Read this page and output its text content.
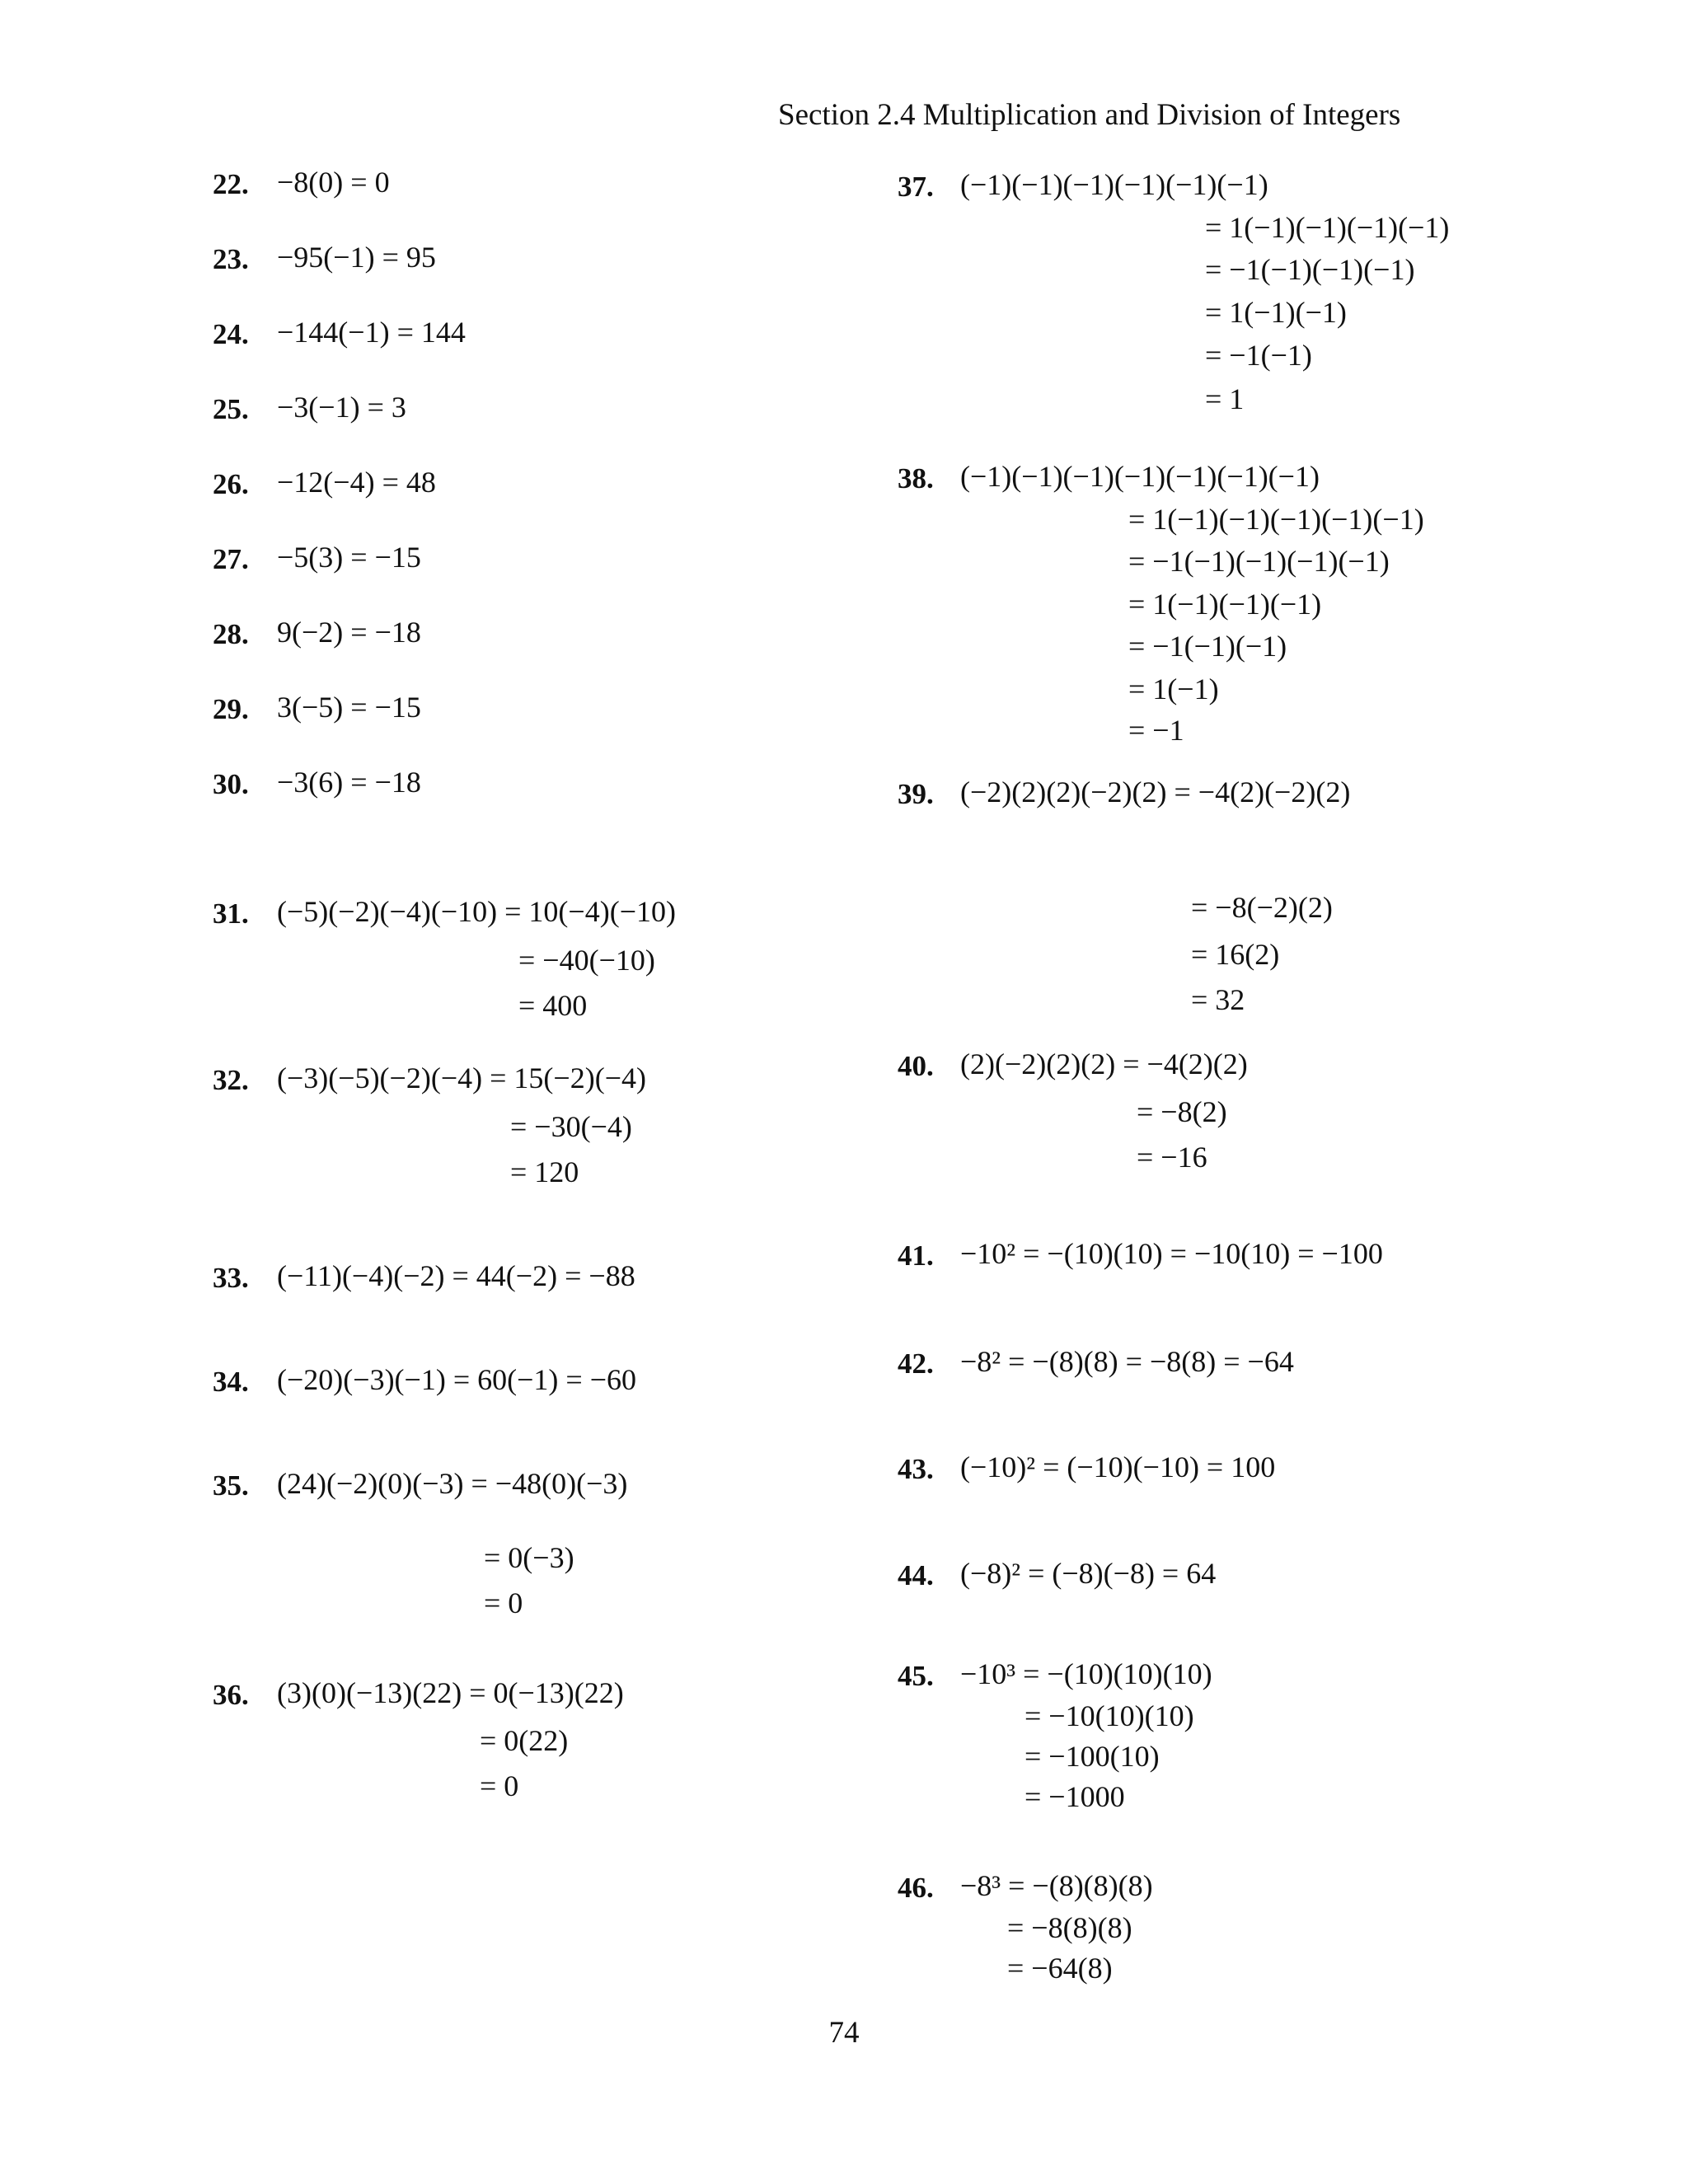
Section 2.4 Multiplication and Division of Integers
22. −8(0) = 0
23. −95(−1) = 95
24. −144(−1) = 144
25. −3(−1) = 3
26. −12(−4) = 48
27. −5(3) = −15
28. 9(−2) = −18
29. 3(−5) = −15
30. −3(6) = −18
31. (−5)(−2)(−4)(−10) = 10(−4)(−10)
= −40(−10)
= 400
32. (−3)(−5)(−2)(−4) = 15(−2)(−4)
= −30(−4)
= 120
33. (−11)(−4)(−2) = 44(−2) = −88
34. (−20)(−3)(−1) = 60(−1) = −60
35. (24)(−2)(0)(−3) = −48(0)(−3)
= 0(−3)
= 0
36. (3)(0)(−13)(22) = 0(−13)(22)
= 0(22)
= 0
37. (−1)(−1)(−1)(−1)(−1)(−1)
= 1(−1)(−1)(−1)(−1)
= −1(−1)(−1)(−1)
= 1(−1)(−1)
= −1(−1)
= 1
38. (−1)(−1)(−1)(−1)(−1)(−1)(−1)
= 1(−1)(−1)(−1)(−1)(−1)
= −1(−1)(−1)(−1)(−1)
= 1(−1)(−1)(−1)
= −1(−1)(−1)
= 1(−1)
= −1
39. (−2)(2)(2)(−2)(2) = −4(2)(−2)(2)
= −8(−2)(2)
= 16(2)
= 32
40. (2)(−2)(2)(2) = −4(2)(2)
= −8(2)
= −16
41. −10² = −(10)(10) = −10(10) = −100
42. −8² = −(8)(8) = −8(8) = −64
43. (−10)² = (−10)(−10) = 100
44. (−8)² = (−8)(−8) = 64
45. −10³ = −(10)(10)(10)
= −10(10)(10)
= −100(10)
= −1000
46. −8³ = −(8)(8)(8)
= −8(8)(8)
= −64(8)
74
